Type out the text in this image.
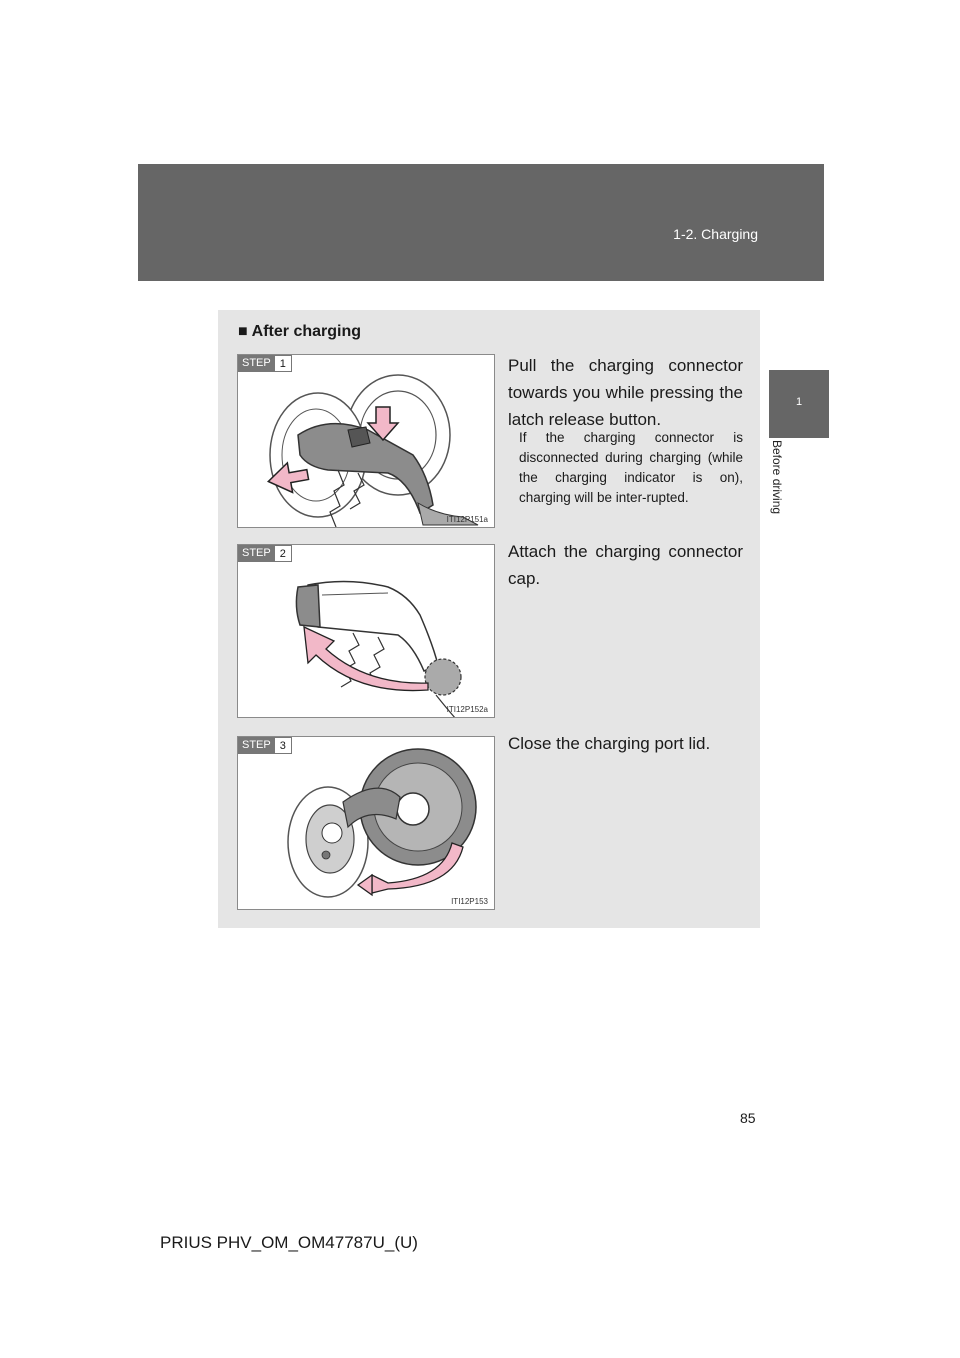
1-2. Charging
1
Before driving
■ After charging
STEP 1
ITI12P151a
Pull the charging connector towards you while pressing the latch release button.
If the charging connector is disconnected during charging (while the charging indicator is on), charging will be inter-rupted.
STEP 2
ITI12P152a
Attach the charging connector cap.
STEP 3
ITI12P153
Close the charging port lid.
85
PRIUS PHV_OM_OM47787U_(U)
